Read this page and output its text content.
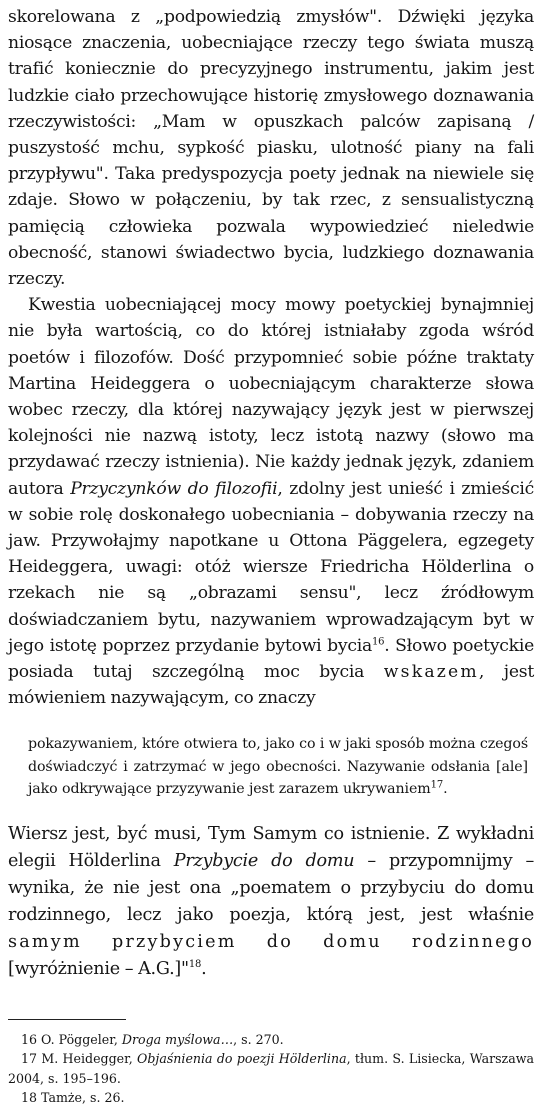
skorelowana z „podpowiedzią zmysłów". Dźwięki języka niosące znaczenia, uobecniające rzeczy tego świata muszą trafić koniecznie do precyzyjnego instrumentu, jakim jest ludzkie ciało przechowujące historię zmysłowego doznawania rzeczywistości: „Mam w opuszkach palców zapisaną / puszystość mchu, sypkość piasku, ulotność piany na fali przypływu". Taka predyspozycja poety jednak na niewiele się zdaje. Słowo w połączeniu, by tak rzec, z sensualistyczną pamięcią człowieka pozwala wypowiedzieć nieledwie obecność, stanowi świadectwo bycia, ludzkiego doznawania rzeczy.

Kwestia uobecniającej mocy mowy poetyckiej bynajmniej nie była wartością, co do której istniałaby zgoda wśród poetów i filozofów. Dość przypomnieć sobie późne traktaty Martina Heideggera o uobecniającym charakterze słowa wobec rzeczy, dla której nazywający język jest w pierwszej kolejności nie nazwą istoty, lecz istotą nazwy (słowo ma przydawać rzeczy istnienia). Nie każdy jednak język, zdaniem autora Przyczynków do filozofii, zdolny jest unieść i zmieścić w sobie rolę doskonałego uobecniania – dobywania rzeczy na jaw. Przywołajmy napotkane u Ottona Päggelera, egzegety Heideggera, uwagi: otóż wiersze Friedricha Hölderlina o rzekach nie są „obrazami sensu", lecz źródłowym doświadczaniem bytu, nazywaniem wprowadzającym byt w jego istotę poprzez przydanie bytowi bycia$^{16}$. Słowo poetyckie posiada tutaj szczególną moc bycia wskazem, jest mówieniem nazywającym, co znaczy

pokazywaniem, które otwiera to, jako co i w jaki sposób można czegoś doświadczyć i zatrzymać w jego obecności. Nazywanie odsłania [ale] jako odkrywające przyzywanie jest zarazem ukrywaniem$^{17}$.

Wiersz jest, być musi, Tym Samym co istnienie. Z wykładni elegii Hölderlina Przybycie do domu – przypomnijmy – wynika, że nie jest ona „poematem o przybyciu do domu rodzinnego, lecz jako poezja, którą jest, jest właśnie samym przybyciem do domu rodzinnego [wyróżnienie – A.G.]"$^{18}$.

16 O. Pöggeler, Droga myślowa…, s. 270.

17 M. Heidegger, Objaśnienia do poezji Hölderlina, tłum. S. Lisiecka, Warszawa 2004, s. 195–196.

18 Tamże, s. 26.
